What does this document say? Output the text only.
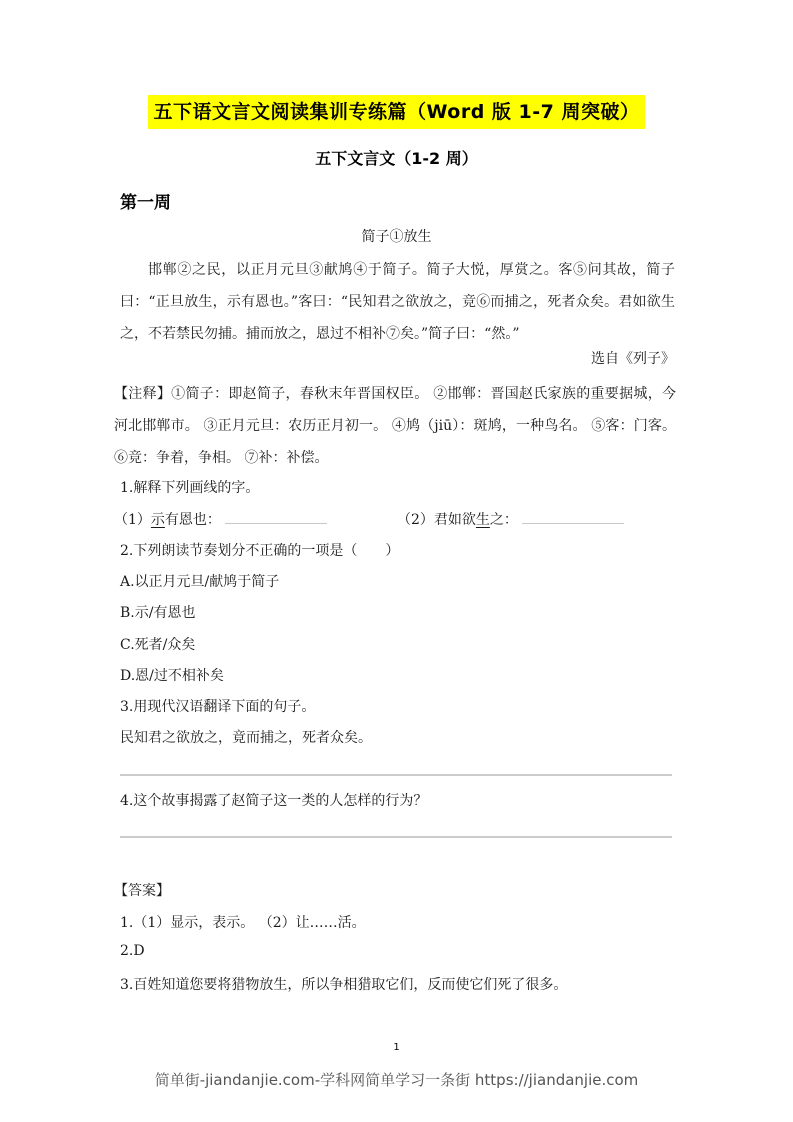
五下语文言文阅读集训专练篇（Word 版 1-7 周突破）
五下文言文（1-2 周）
第一周
简子①放生
邯郸②之民，以正月元旦③献鸠④于简子。简子大悦，厚赏之。客⑤问其故，简子曰：“正旦放生，示有恩也。”客曰：“民知君之欲放之，竞⑥而捕之，死者众矣。君如欲生之，不若禁民勿捕。捕而放之，恩过不相补⑦矣。”简子曰：“然。”
选自《列子》
【注释】①简子：即赵简子，春秋末年晋国权臣。 ②邯郸：晋国赵氏家族的重要据城，今河北邯郸市。 ③正月元旦：农历正月初一。 ④鸠（jiū）：斑鸠，一种鸟名。 ⑤客：门客。 ⑥竞：争着，争相。 ⑦补：补偿。
1.解释下列画线的字。
（1）示有恩也：	（2）君如欲生之：
2.下列朗读节奏划分不正确的一项是（　　）
A.以正月元旦/献鸠于简子
B.示/有恩也
C.死者/众矣
D.恩/过不相补矣
3.用现代汉语翻译下面的句子。
民知君之欲放之，竟而捕之，死者众矣。
4.这个故事揭露了赵简子这一类的人怎样的行为？
【答案】
1.（1）显示，表示。 （2）让……活。
2.D
3.百姓知道您要将猎物放生，所以争相猎取它们，反而使它们死了很多。
1
简单街-jiandanjie.com-学科网简单学习一条街 https://jiandanjie.com
